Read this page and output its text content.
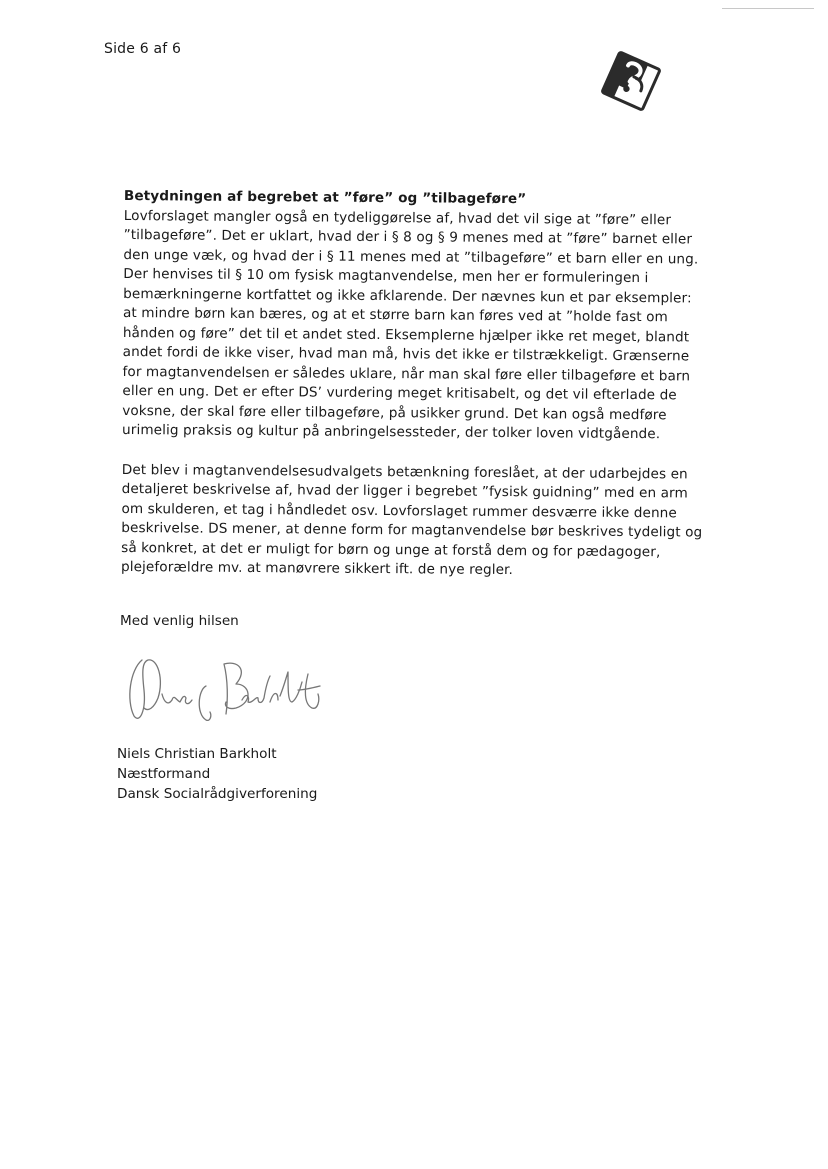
Side 6 af 6

Betydningen af begrebet at ”føre” og ”tilbageføre”

Lovforslaget mangler også en tydeliggørelse af, hvad det vil sige at ”føre” eller ”tilbageføre”. Det er uklart, hvad der i § 8 og § 9 menes med at ”føre” barnet eller den unge væk, og hvad der i § 11 menes med at ”tilbageføre” et barn eller en ung. Der henvises til § 10 om fysisk magtanvendelse, men her er formuleringen i bemærkningerne kortfattet og ikke afklarende. Der nævnes kun et par eksempler: at mindre børn kan bæres, og at et større barn kan føres ved at ”holde fast om hånden og føre” det til et andet sted. Eksemplerne hjælper ikke ret meget, blandt andet fordi de ikke viser, hvad man må, hvis det ikke er tilstrækkeligt. Grænserne for magtanvendelsen er således uklare, når man skal føre eller tilbageføre et barn eller en ung. Det er efter DS’ vurdering meget kritisabelt, og det vil efterlade de voksne, der skal føre eller tilbageføre, på usikker grund. Det kan også medføre urimelig praksis og kultur på anbringelsessteder, der tolker loven vidtgående.

Det blev i magtanvendelsesudvalgets betænkning foreslået, at der udarbejdes en detaljeret beskrivelse af, hvad der ligger i begrebet ”fysisk guidning” med en arm om skulderen, et tag i håndledet osv. Lovforslaget rummer desværre ikke denne beskrivelse. DS mener, at denne form for magtanvendelse bør beskrives tydeligt og så konkret, at det er muligt for børn og unge at forstå dem og for pædagoger, plejeforældre mv. at manøvrere sikkert ift. de nye regler.

Med venlig hilsen

Niels Christian Barkholt
Næstformand
Dansk Socialrådgiverforening
